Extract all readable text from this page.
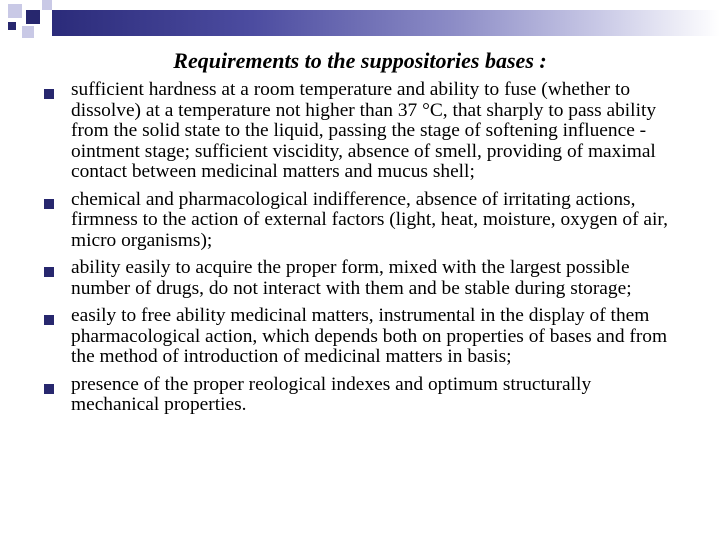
Requirements to the suppositories bases :
sufficient hardness at a room temperature and ability to fuse (whether to dissolve) at a temperature not higher than 37 °C, that sharply to pass ability from the solid state to the liquid, passing the stage of softening influence - ointment stage; sufficient viscidity, absence of smell, providing of maximal contact between medicinal matters and mucus shell;
chemical and pharmacological indifference, absence of irritating actions, firmness to the action of external factors (light, heat, moisture, oxygen of air, micro organisms);
ability easily to acquire the proper form, mixed with the largest possible number of drugs, do not interact with them and be stable during storage;
easily to free ability medicinal matters, instrumental in the display of them pharmacological action, which depends both on properties of bases and from the method of introduction of medicinal matters in basis;
presence of the proper reological indexes and optimum structurally mechanical properties.
